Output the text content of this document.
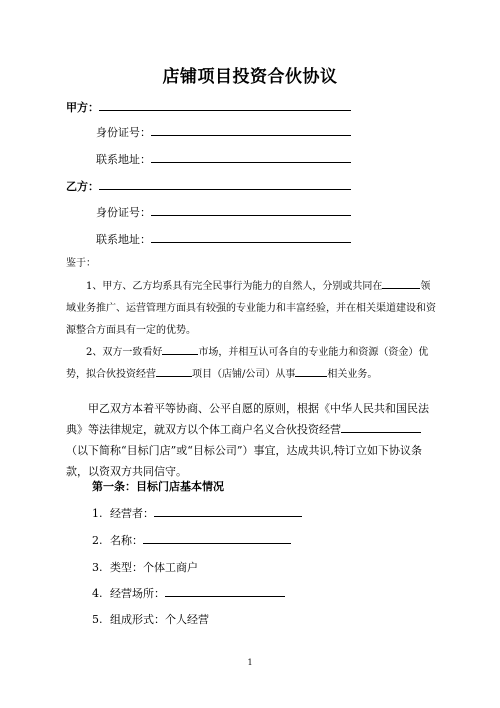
店铺项目投资合伙协议
甲方：
身份证号：
联系地址：
乙方：
身份证号：
联系地址：
鉴于：
1、甲方、乙方均系具有完全民事行为能力的自然人，分别或共同在	领域业务推广、运营管理方面具有较强的专业能力和丰富经验，并在相关渠道建设和资源整合方面具有一定的优势。
2、双方一致看好	市场，并相互认可各自的专业能力和资源（资金）优势，拟合伙投资经营	项目（店铺/公司）从事	相关业务。
甲乙双方本着平等协商、公平自愿的原则，根据《中华人民共和国民法典》等法律规定，就双方以个体工商户名义合伙投资经营（以下简称“目标门店”或“目标公司”）事宜，达成共识,特订立如下协议条款，以资双方共同信守。
第一条：目标门店基本情况
1. 经营者：
2. 名称：
3. 类型：个体工商户
4. 经营场所：
5. 组成形式：个人经营
1
